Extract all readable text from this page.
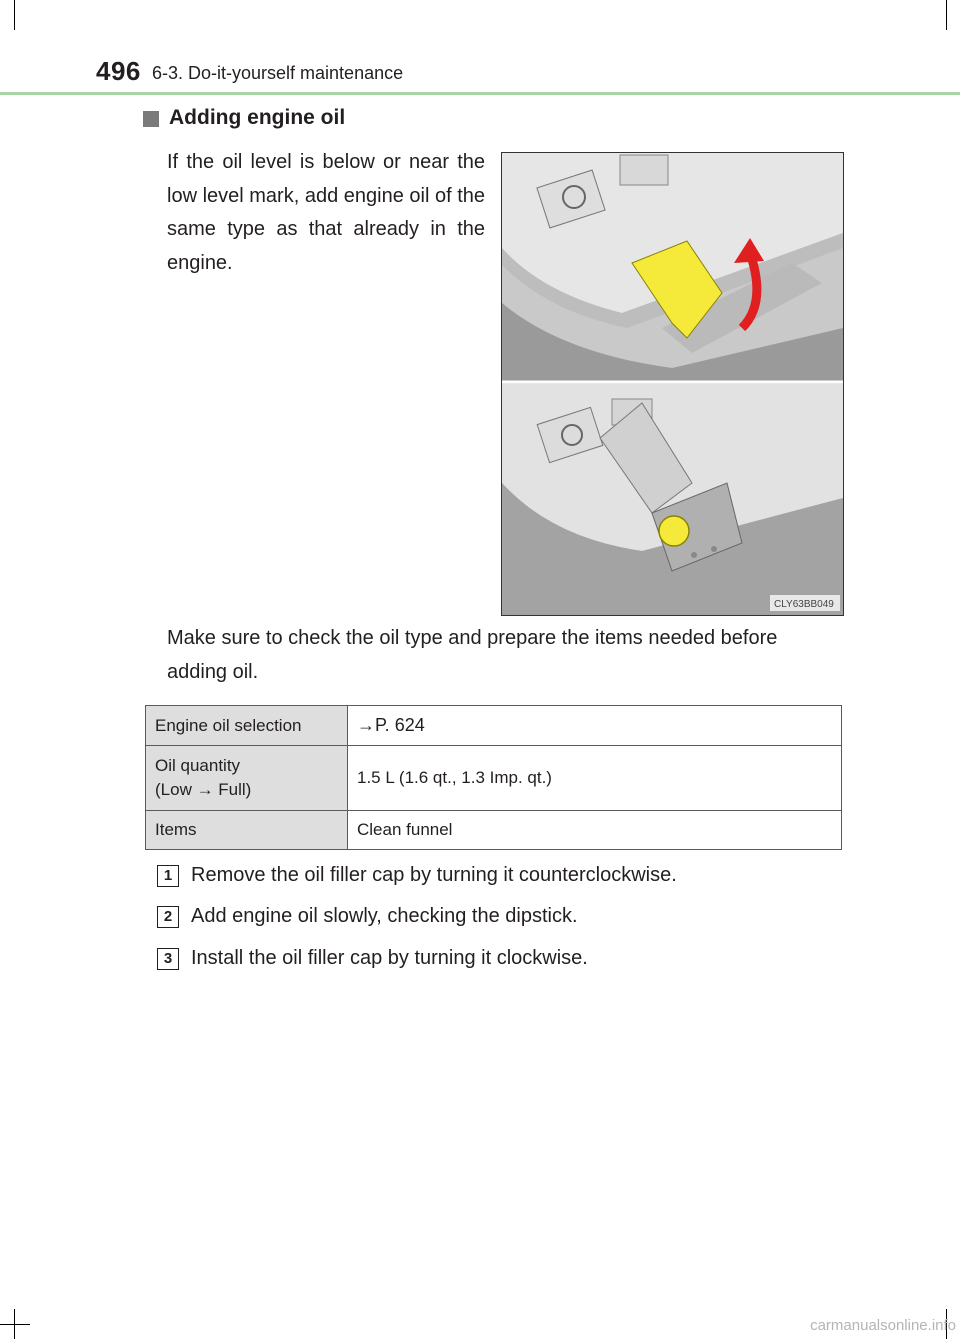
496 6-3. Do-it-yourself maintenance
Adding engine oil
If the oil level is below or near the low level mark, add engine oil of the same type as that already in the engine.
CLY63BB049
Make sure to check the oil type and prepare the items needed before adding oil.
Engine oil selection	→P. 624
Oil quantity
(Low → Full)	1.5 L (1.6 qt., 1.3 Imp. qt.)
Items	Clean funnel
1 Remove the oil filler cap by turning it counterclockwise.
2 Add engine oil slowly, checking the dipstick.
3 Install the oil filler cap by turning it clockwise.
carmanualsonline.info
